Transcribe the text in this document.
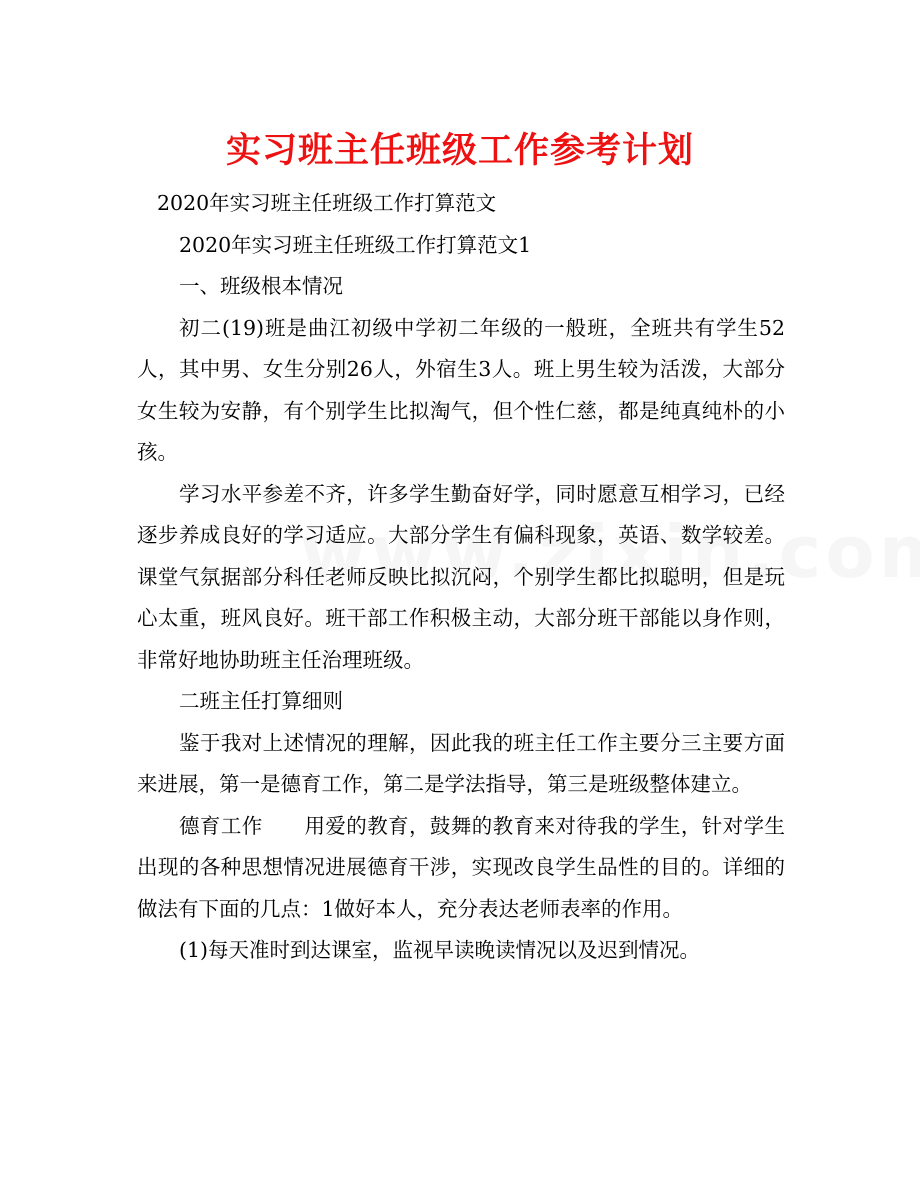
实习班主任班级工作参考计划

2020年实习班主任班级工作打算范文

2020年实习班主任班级工作打算范文1

一、班级根本情况

初二(19)班是曲江初级中学初二年级的一般班，全班共有学生52人，其中男、女生分别26人，外宿生3人。班上男生较为活泼，大部分女生较为安静，有个别学生比拟淘气，但个性仁慈，都是纯真纯朴的小孩。

学习水平参差不齐，许多学生勤奋好学，同时愿意互相学习，已经逐步养成良好的学习适应。大部分学生有偏科现象，英语、数学较差。课堂气氛据部分科任老师反映比拟沉闷，个别学生都比拟聪明，但是玩心太重，班风良好。班干部工作积极主动，大部分班干部能以身作则，非常好地协助班主任治理班级。

二班主任打算细则

鉴于我对上述情况的理解，因此我的班主任工作主要分三主要方面来进展，第一是德育工作，第二是学法指导，第三是班级整体建立。

德育工作　　用爱的教育，鼓舞的教育来对待我的学生，针对学生出现的各种思想情况进展德育干涉，实现改良学生品性的目的。详细的做法有下面的几点：1做好本人，充分表达老师表率的作用。

(1)每天准时到达课室，监视早读晚读情况以及迟到情况。
